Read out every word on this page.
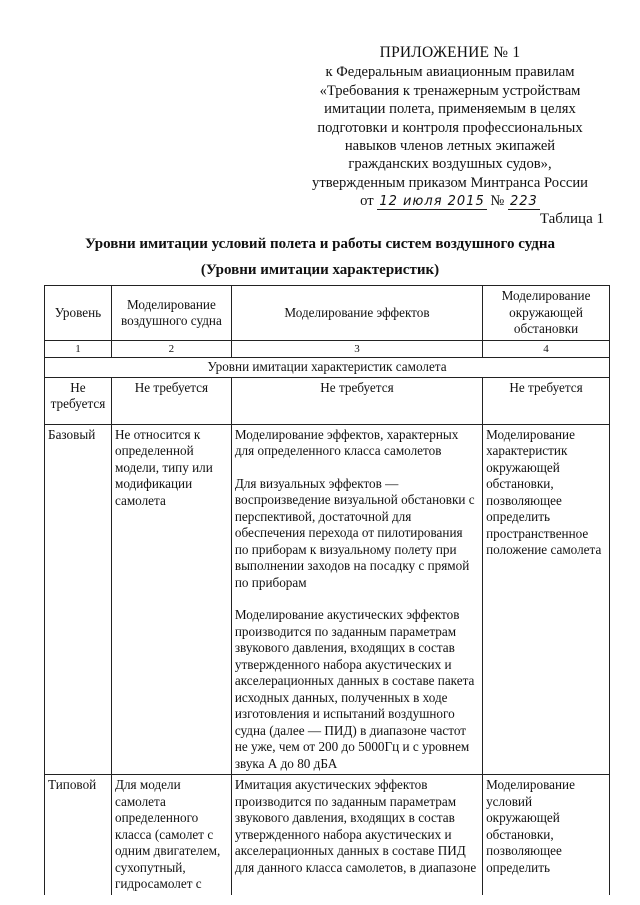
ПРИЛОЖЕНИЕ № 1
к Федеральным авиационным правилам
«Требования к тренажерным устройствам
имитации полета, применяемым в целях
подготовки и контроля профессиональных
навыков членов летных экипажей
гражданских воздушных судов»,
утвержденным приказом Минтранса России
от 12 июля 2015 № 223
Таблица 1
Уровни имитации условий полета и работы систем воздушного судна
(Уровни имитации характеристик)
Уровень	Моделирование воздушного судна	Моделирование эффектов	Моделирование окружающей обстановки
1	2	3	4
Уровни имитации характеристик самолета			
Не требуется	Не требуется	Не требуется	Не требуется
Базовый	Не относится к определенной модели, типу или модификации самолета	Моделирование эффектов, характерных для определенного класса самолетов

Для визуальных эффектов — воспроизведение визуальной обстановки с перспективой, достаточной для обеспечения перехода от пилотирования по приборам к визуальному полету при выполнении заходов на посадку с прямой по приборам

Моделирование акустических эффектов производится по заданным параметрам звукового давления, входящих в состав утвержденного набора акустических и акселерационных данных в составе пакета исходных данных, полученных в ходе изготовления и испытаний воздушного судна (далее — ПИД) в диапазоне частот не уже, чем от 200 до 5000Гц и с уровнем звука А до 80 дБА	Моделирование характеристик окружающей обстановки, позволяющее определить пространственное положение самолета
Типовой	Для модели самолета определенного класса (самолет с одним двигателем, сухопутный, гидросамолет с	Имитация акустических эффектов производится по заданным параметрам звукового давления, входящих в состав утвержденного набора акустических и акселерационных данных в составе ПИД для данного класса самолетов, в диапазоне	Моделирование условий окружающей обстановки, позволяющее определить
